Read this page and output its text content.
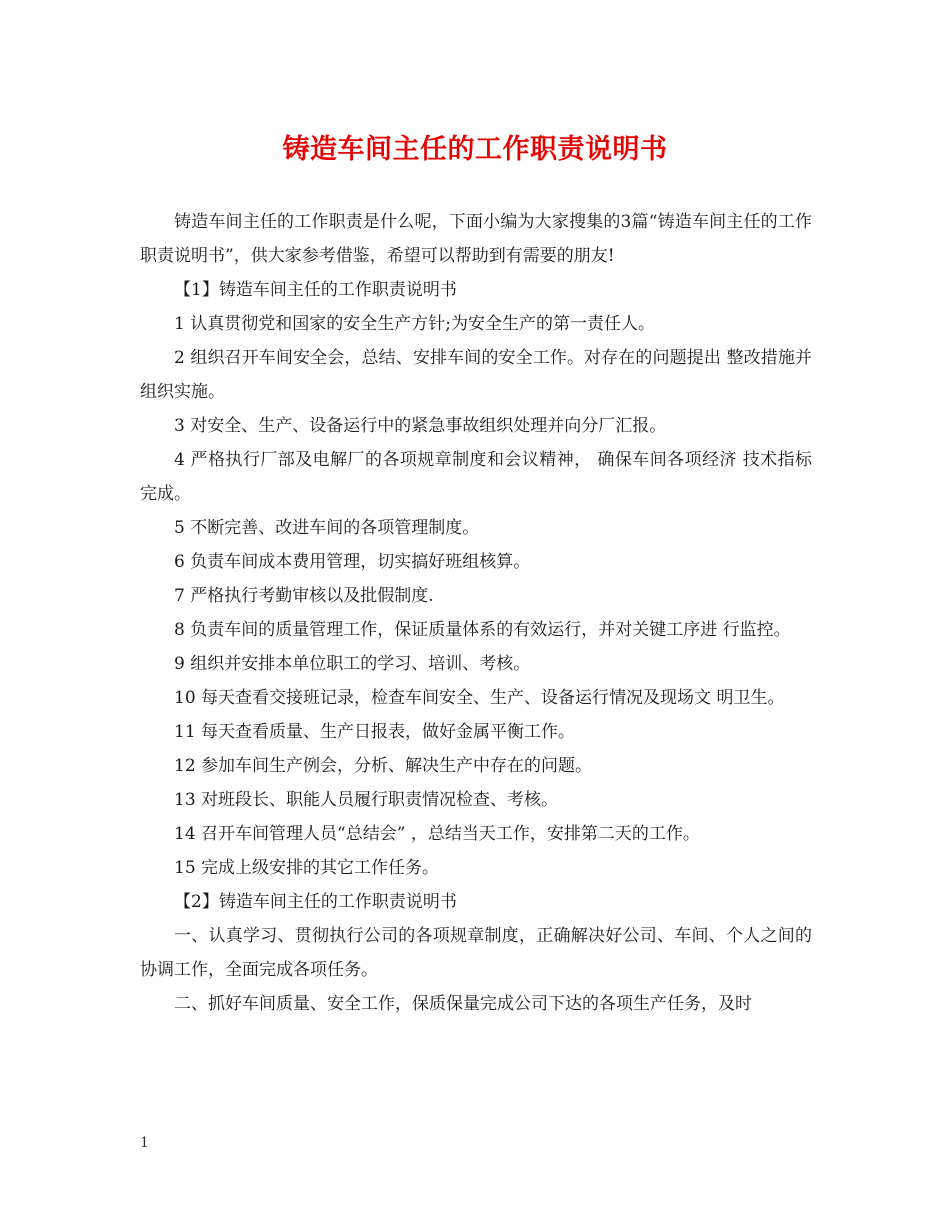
铸造车间主任的工作职责说明书

铸造车间主任的工作职责是什么呢，下面小编为大家搜集的3篇“铸造车间主任的工作职责说明书”，供大家参考借鉴，希望可以帮助到有需要的朋友!

【1】铸造车间主任的工作职责说明书

1 认真贯彻党和国家的安全生产方针;为安全生产的第一责任人。

2 组织召开车间安全会，总结、安排车间的安全工作。对存在的问题提出 整改措施并组织实施。

3 对安全、生产、设备运行中的紧急事故组织处理并向分厂汇报。

4 严格执行厂部及电解厂的各项规章制度和会议精神， 确保车间各项经济 技术指标完成。

5 不断完善、改进车间的各项管理制度。

6 负责车间成本费用管理，切实搞好班组核算。

7 严格执行考勤审核以及批假制度.

8 负责车间的质量管理工作，保证质量体系的有效运行，并对关键工序进 行监控。

9 组织并安排本单位职工的学习、培训、考核。

10 每天查看交接班记录，检查车间安全、生产、设备运行情况及现场文 明卫生。

11 每天查看质量、生产日报表，做好金属平衡工作。

12 参加车间生产例会，分析、解决生产中存在的问题。

13 对班段长、职能人员履行职责情况检查、考核。

14 召开车间管理人员“总结会” ，总结当天工作，安排第二天的工作。

15 完成上级安排的其它工作任务。

【2】铸造车间主任的工作职责说明书

一、认真学习、贯彻执行公司的各项规章制度，正确解决好公司、车间、个人之间的协调工作，全面完成各项任务。

二、抓好车间质量、安全工作，保质保量完成公司下达的各项生产任务，及时

1
